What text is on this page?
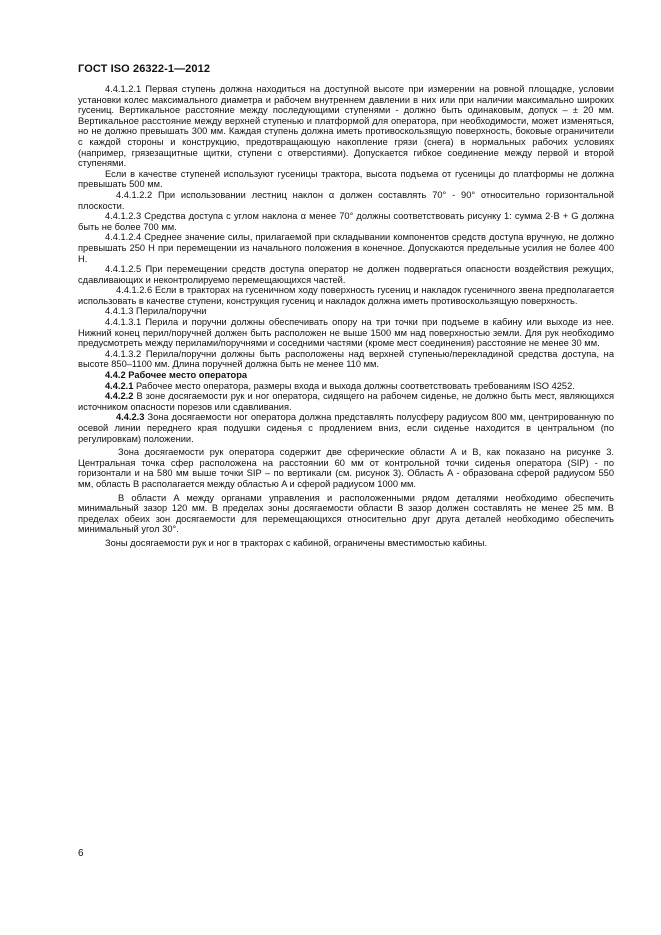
ГОСТ ISO 26322-1—2012

4.4.1.2.1 Первая ступень должна находиться на доступной высоте при измерении на ровной площадке, условии установки колес максимального диаметра и рабочем внутреннем давлении в них или при наличии максимально широких гусениц. Вертикальное расстояние между последующими ступенями - должно быть одинаковым, допуск – ± 20 мм. Вертикальное расстояние между верхней ступенью и платформой для оператора, при необходимости, может изменяться, но не должно превышать 300 мм. Каждая ступень должна иметь противоскользящую поверхность, боковые ограничители с каждой стороны и конструкцию, предотвращающую накопление грязи (снега) в нормальных рабочих условиях (например, грязезащитные щитки, ступени с отверстиями). Допускается гибкое соединение между первой и второй ступенями.

Если в качестве ступеней используют гусеницы трактора, высота подъема от гусеницы до платформы не должна превышать 500 мм.

4.4.1.2.2 При использовании лестниц наклон α должен составлять 70° - 90° относительно горизонтальной плоскости.

4.4.1.2.3 Средства доступа с углом наклона α менее 70° должны соответствовать рисунку 1: сумма 2·B + G должна быть не более 700 мм.

4.4.1.2.4 Среднее значение силы, прилагаемой при складывании компонентов средств доступа вручную, не должно превышать 250 Н при перемещении из начального положения в конечное. Допускаются предельные усилия не более 400 Н.

4.4.1.2.5 При перемещении средств доступа оператор не должен подвергаться опасности воздействия режущих, сдавливающих и неконтролируемо перемещающихся частей.

4.4.1.2.6 Если в тракторах на гусеничном ходу поверхность гусениц и накладок гусеничного звена предполагается использовать в качестве ступени, конструкция гусениц и накладок должна иметь противоскользящую поверхность.

4.4.1.3 Перила/поручни

4.4.1.3.1 Перила и поручни должны обеспечивать опору на три точки при подъеме в кабину или выходе из нее. Нижний конец перил/поручней должен быть расположен не выше 1500 мм над поверхностью земли. Для рук необходимо предусмотреть между перилами/поручнями и соседними частями (кроме мест соединения) расстояние не менее 30 мм.

4.4.1.3.2 Перила/поручни должны быть расположены над верхней ступенью/перекладиной средства доступа, на высоте 850–1100 мм. Длина поручней должна быть не менее 110 мм.

4.4.2 Рабочее место оператора

4.4.2.1 Рабочее место оператора, размеры входа и выхода должны соответствовать требованиям ISO 4252.

4.4.2.2 В зоне досягаемости рук и ног оператора, сидящего на рабочем сиденье, не должно быть мест, являющихся источником опасности порезов или сдавливания.

4.4.2.3 Зона досягаемости ног оператора должна представлять полусферу радиусом 800 мм, центрированную по осевой линии переднего края подушки сиденья с продлением вниз, если сиденье находится в центральном (по регулировкам) положении.

Зона досягаемости рук оператора содержит две сферические области A и B, как показано на рисунке 3. Центральная точка сфер расположена на расстоянии 60 мм от контрольной точки сиденья оператора (SIP) - по горизонтали и на 580 мм выше точки SIP – по вертикали (см. рисунок 3). Область A - образована сферой радиусом 550 мм, область B располагается между областью A и сферой радиусом 1000 мм.

В области A между органами управления и расположенными рядом деталями необходимо обеспечить минимальный зазор 120 мм. В пределах зоны досягаемости области B зазор должен составлять не менее 25 мм. В пределах обеих зон досягаемости для перемещающихся относительно друг друга деталей необходимо обеспечить минимальный угол 30°.

Зоны досягаемости рук и ног в тракторах с кабиной, ограничены вместимостью кабины.

6
